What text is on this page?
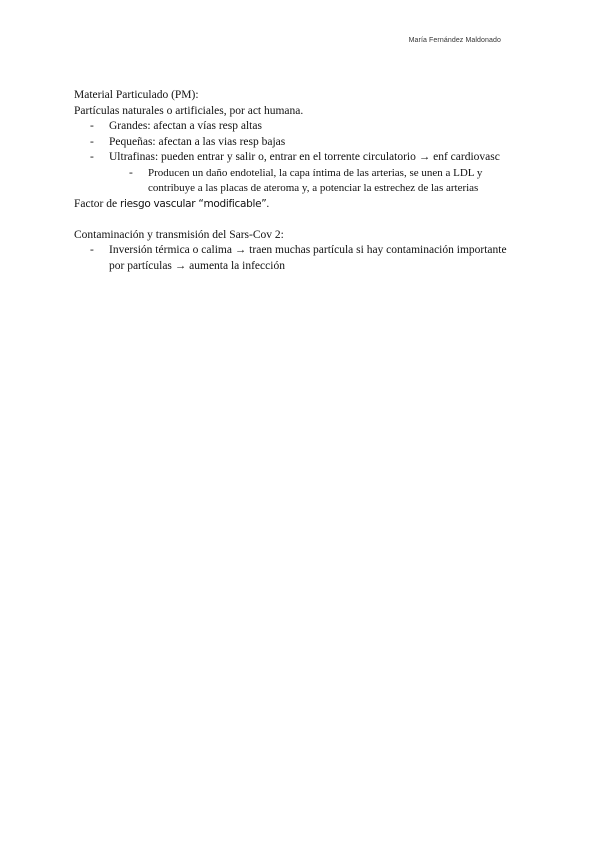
María Fernández Maldonado

Material Particulado (PM):

Partículas naturales o artificiales, por act humana.

-	Grandes: afectan a vías resp altas
-	Pequeñas: afectan a las vias resp bajas
-	Ultrafinas: pueden entrar y salir o, entrar en el torrente circulatorio → enf cardiovasc
-	Producen un daño endotelial, la capa íntima de las arterias, se unen a LDL y contribuye a las placas de ateroma y, a potenciar la estrechez de las arterias

Factor de riesgo vascular “modificable”.

Contaminación y transmisión del Sars-Cov 2:

-	Inversión térmica o calima → traen muchas partícula si hay contaminación importante por partículas → aumenta la infección
